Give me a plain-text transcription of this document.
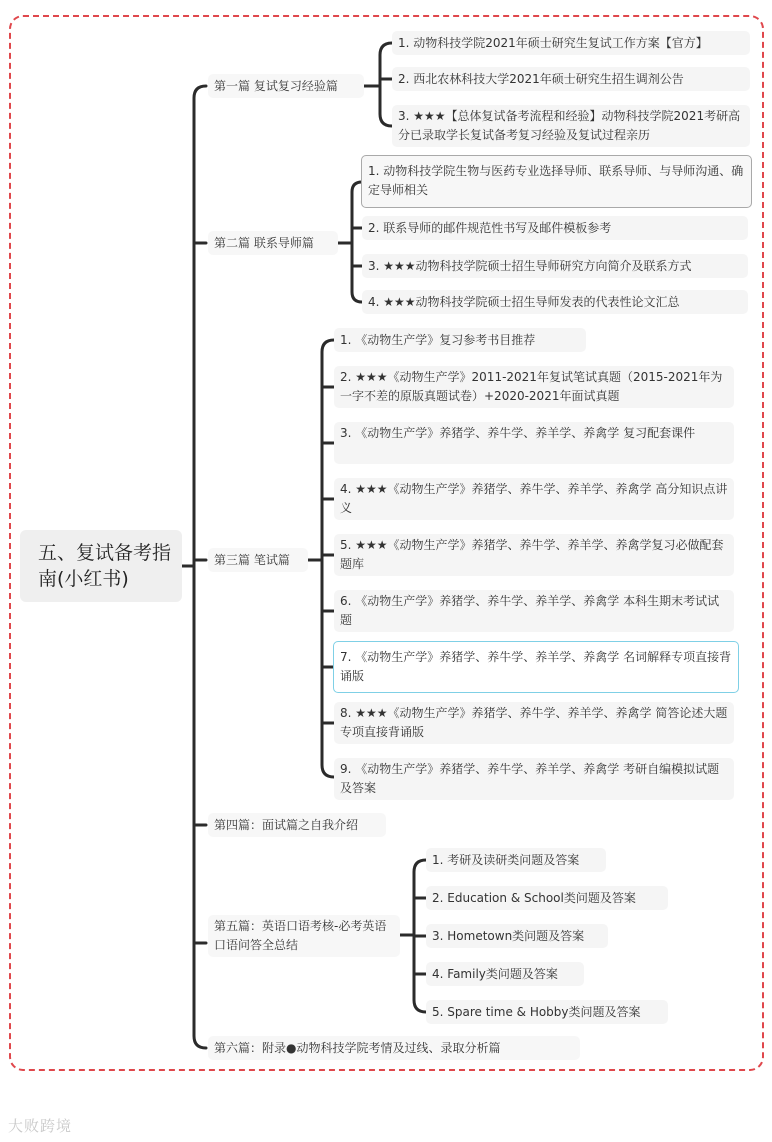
五、复试备考指南(小红书)
第一篇 复试复习经验篇
第二篇 联系导师篇
第三篇 笔试篇
第四篇：面试篇之自我介绍
第五篇：英语口语考核-必考英语口语问答全总结
第六篇：附录●动物科技学院考情及过线、录取分析篇
1. 动物科技学院2021年硕士研究生复试工作方案【官方】
2. 西北农林科技大学2021年硕士研究生招生调剂公告
3. ★★★【总体复试备考流程和经验】动物科技学院2021考研高分已录取学长复试备考复习经验及复试过程亲历
1. 动物科技学院生物与医药专业选择导师、联系导师、与导师沟通、确定导师相关
2. 联系导师的邮件规范性书写及邮件模板参考
3. ★★★动物科技学院硕士招生导师研究方向简介及联系方式
4. ★★★动物科技学院硕士招生导师发表的代表性论文汇总
1. 《动物生产学》复习参考书目推荐
2. ★★★《动物生产学》2011-2021年复试笔试真题（2015-2021年为一字不差的原版真题试卷）+2020-2021年面试真题
3. 《动物生产学》养猪学、养牛学、养羊学、养禽学 复习配套课件
4. ★★★《动物生产学》养猪学、养牛学、养羊学、养禽学 高分知识点讲义
5. ★★★《动物生产学》养猪学、养牛学、养羊学、养禽学复习必做配套题库
6. 《动物生产学》养猪学、养牛学、养羊学、养禽学 本科生期末考试试题
7. 《动物生产学》养猪学、养牛学、养羊学、养禽学 名词解释专项直接背诵版
8. ★★★《动物生产学》养猪学、养牛学、养羊学、养禽学 简答论述大题专项直接背诵版
9. 《动物生产学》养猪学、养牛学、养羊学、养禽学 考研自编模拟试题及答案
1. 考研及读研类问题及答案
2. Education & School类问题及答案
3. Hometown类问题及答案
4. Family类问题及答案
5. Spare time & Hobby类问题及答案
大败跨境
